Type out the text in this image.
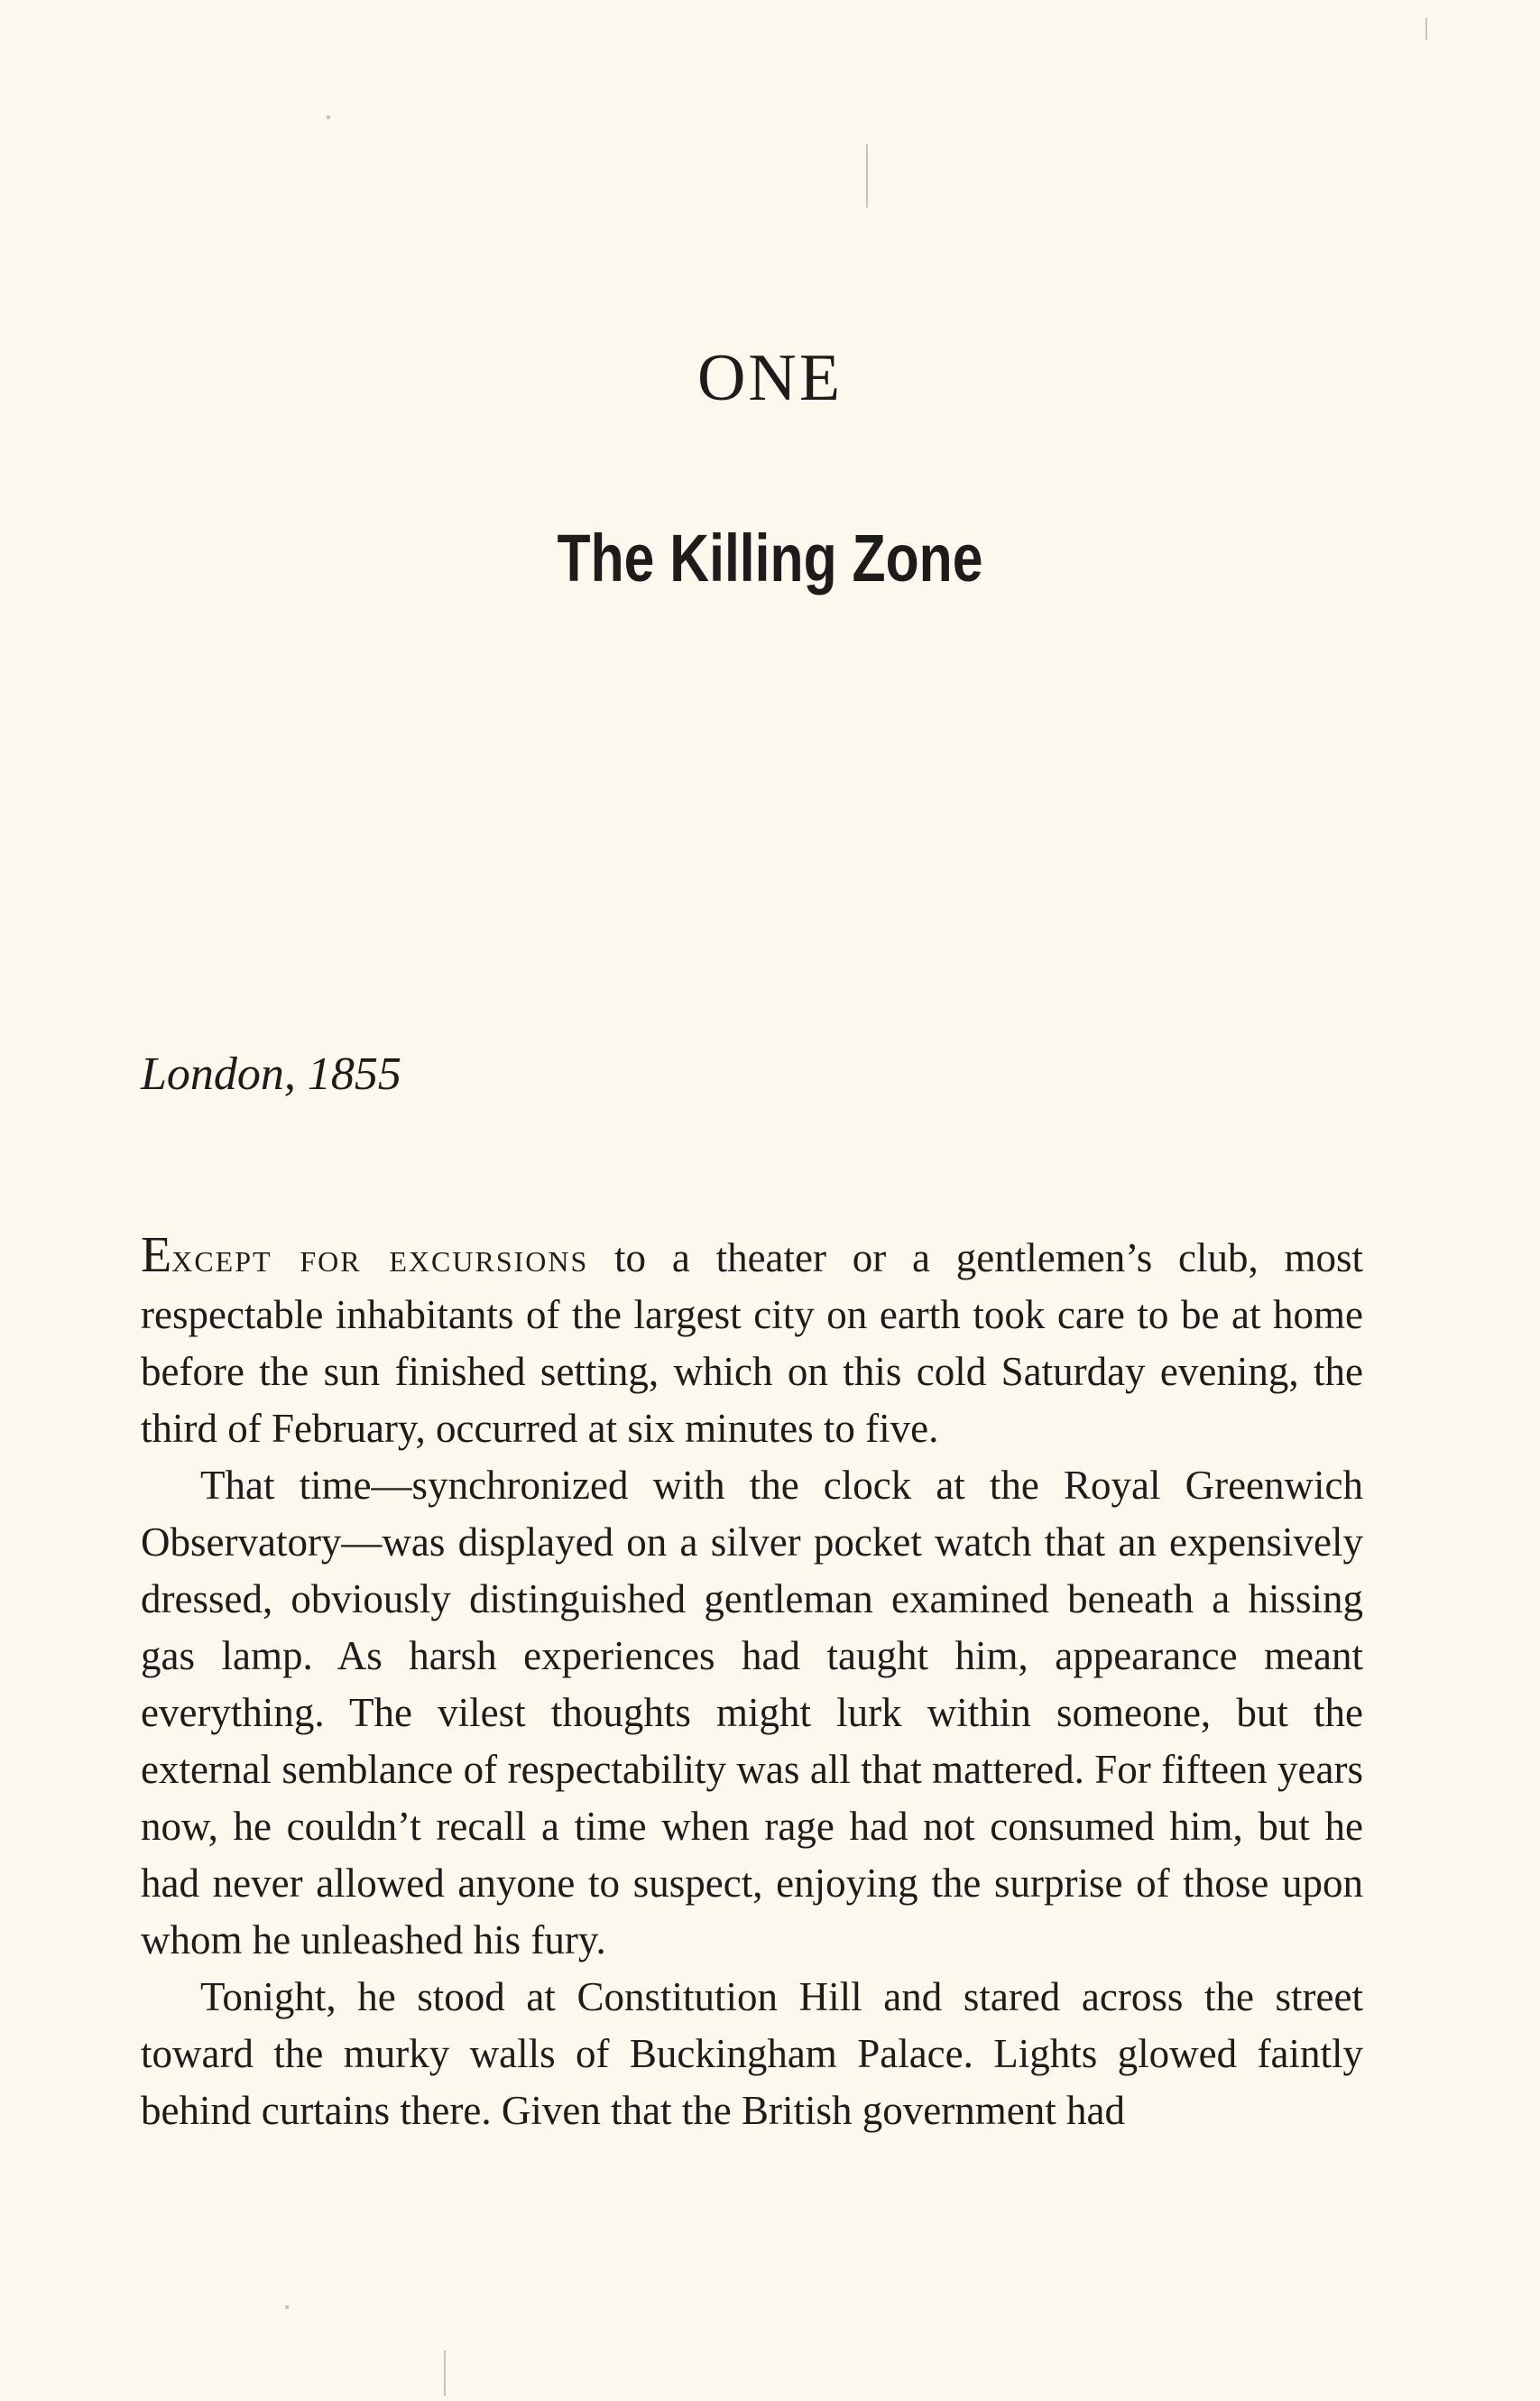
ONE
The Killing Zone
London, 1855

Except for excursions to a theater or a gentlemen’s club, most respectable inhabitants of the largest city on earth took care to be at home before the sun finished setting, which on this cold Saturday evening, the third of February, occurred at six minutes to five.

That time—synchronized with the clock at the Royal Greenwich Observatory—was displayed on a silver pocket watch that an expensively dressed, obviously distinguished gentleman examined beneath a hissing gas lamp. As harsh experiences had taught him, appearance meant everything. The vilest thoughts might lurk within someone, but the external semblance of respectability was all that mattered. For fifteen years now, he couldn’t recall a time when rage had not consumed him, but he had never allowed anyone to suspect, enjoying the surprise of those upon whom he unleashed his fury.

Tonight, he stood at Constitution Hill and stared across the street toward the murky walls of Buckingham Palace. Lights glowed faintly behind curtains there. Given that the British government had
